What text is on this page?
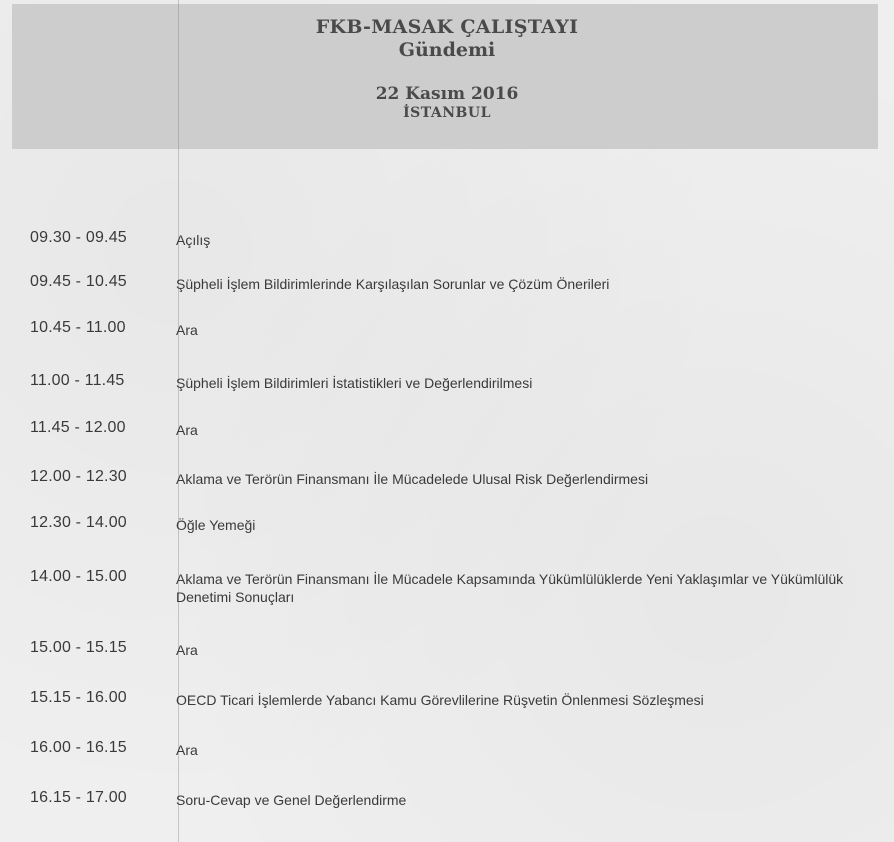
FKB-MASAK ÇALIŞTAYI
Gündemi
22 Kasım 2016
İSTANBUL
09.30 - 09.45	Açılış
09.45 - 10.45	Şüpheli İşlem Bildirimlerinde Karşılaşılan Sorunlar ve Çözüm Önerileri
10.45 - 11.00	Ara
11.00 - 11.45	Şüpheli İşlem Bildirimleri İstatistikleri ve Değerlendirilmesi
11.45 - 12.00	Ara
12.00 - 12.30	Aklama ve Terörün Finansmanı İle Mücadelede Ulusal Risk Değerlendirmesi
12.30 - 14.00	Öğle Yemeği
14.00 - 15.00	Aklama ve Terörün Finansmanı İle Mücadele Kapsamında Yükümlülüklerde Yeni Yaklaşımlar ve Yükümlülük Denetimi Sonuçları
15.00 - 15.15	Ara
15.15 - 16.00	OECD Ticari İşlemlerde Yabancı Kamu Görevlilerine Rüşvetin Önlenmesi Sözleşmesi
16.00 - 16.15	Ara
16.15 - 17.00	Soru-Cevap ve Genel Değerlendirme
